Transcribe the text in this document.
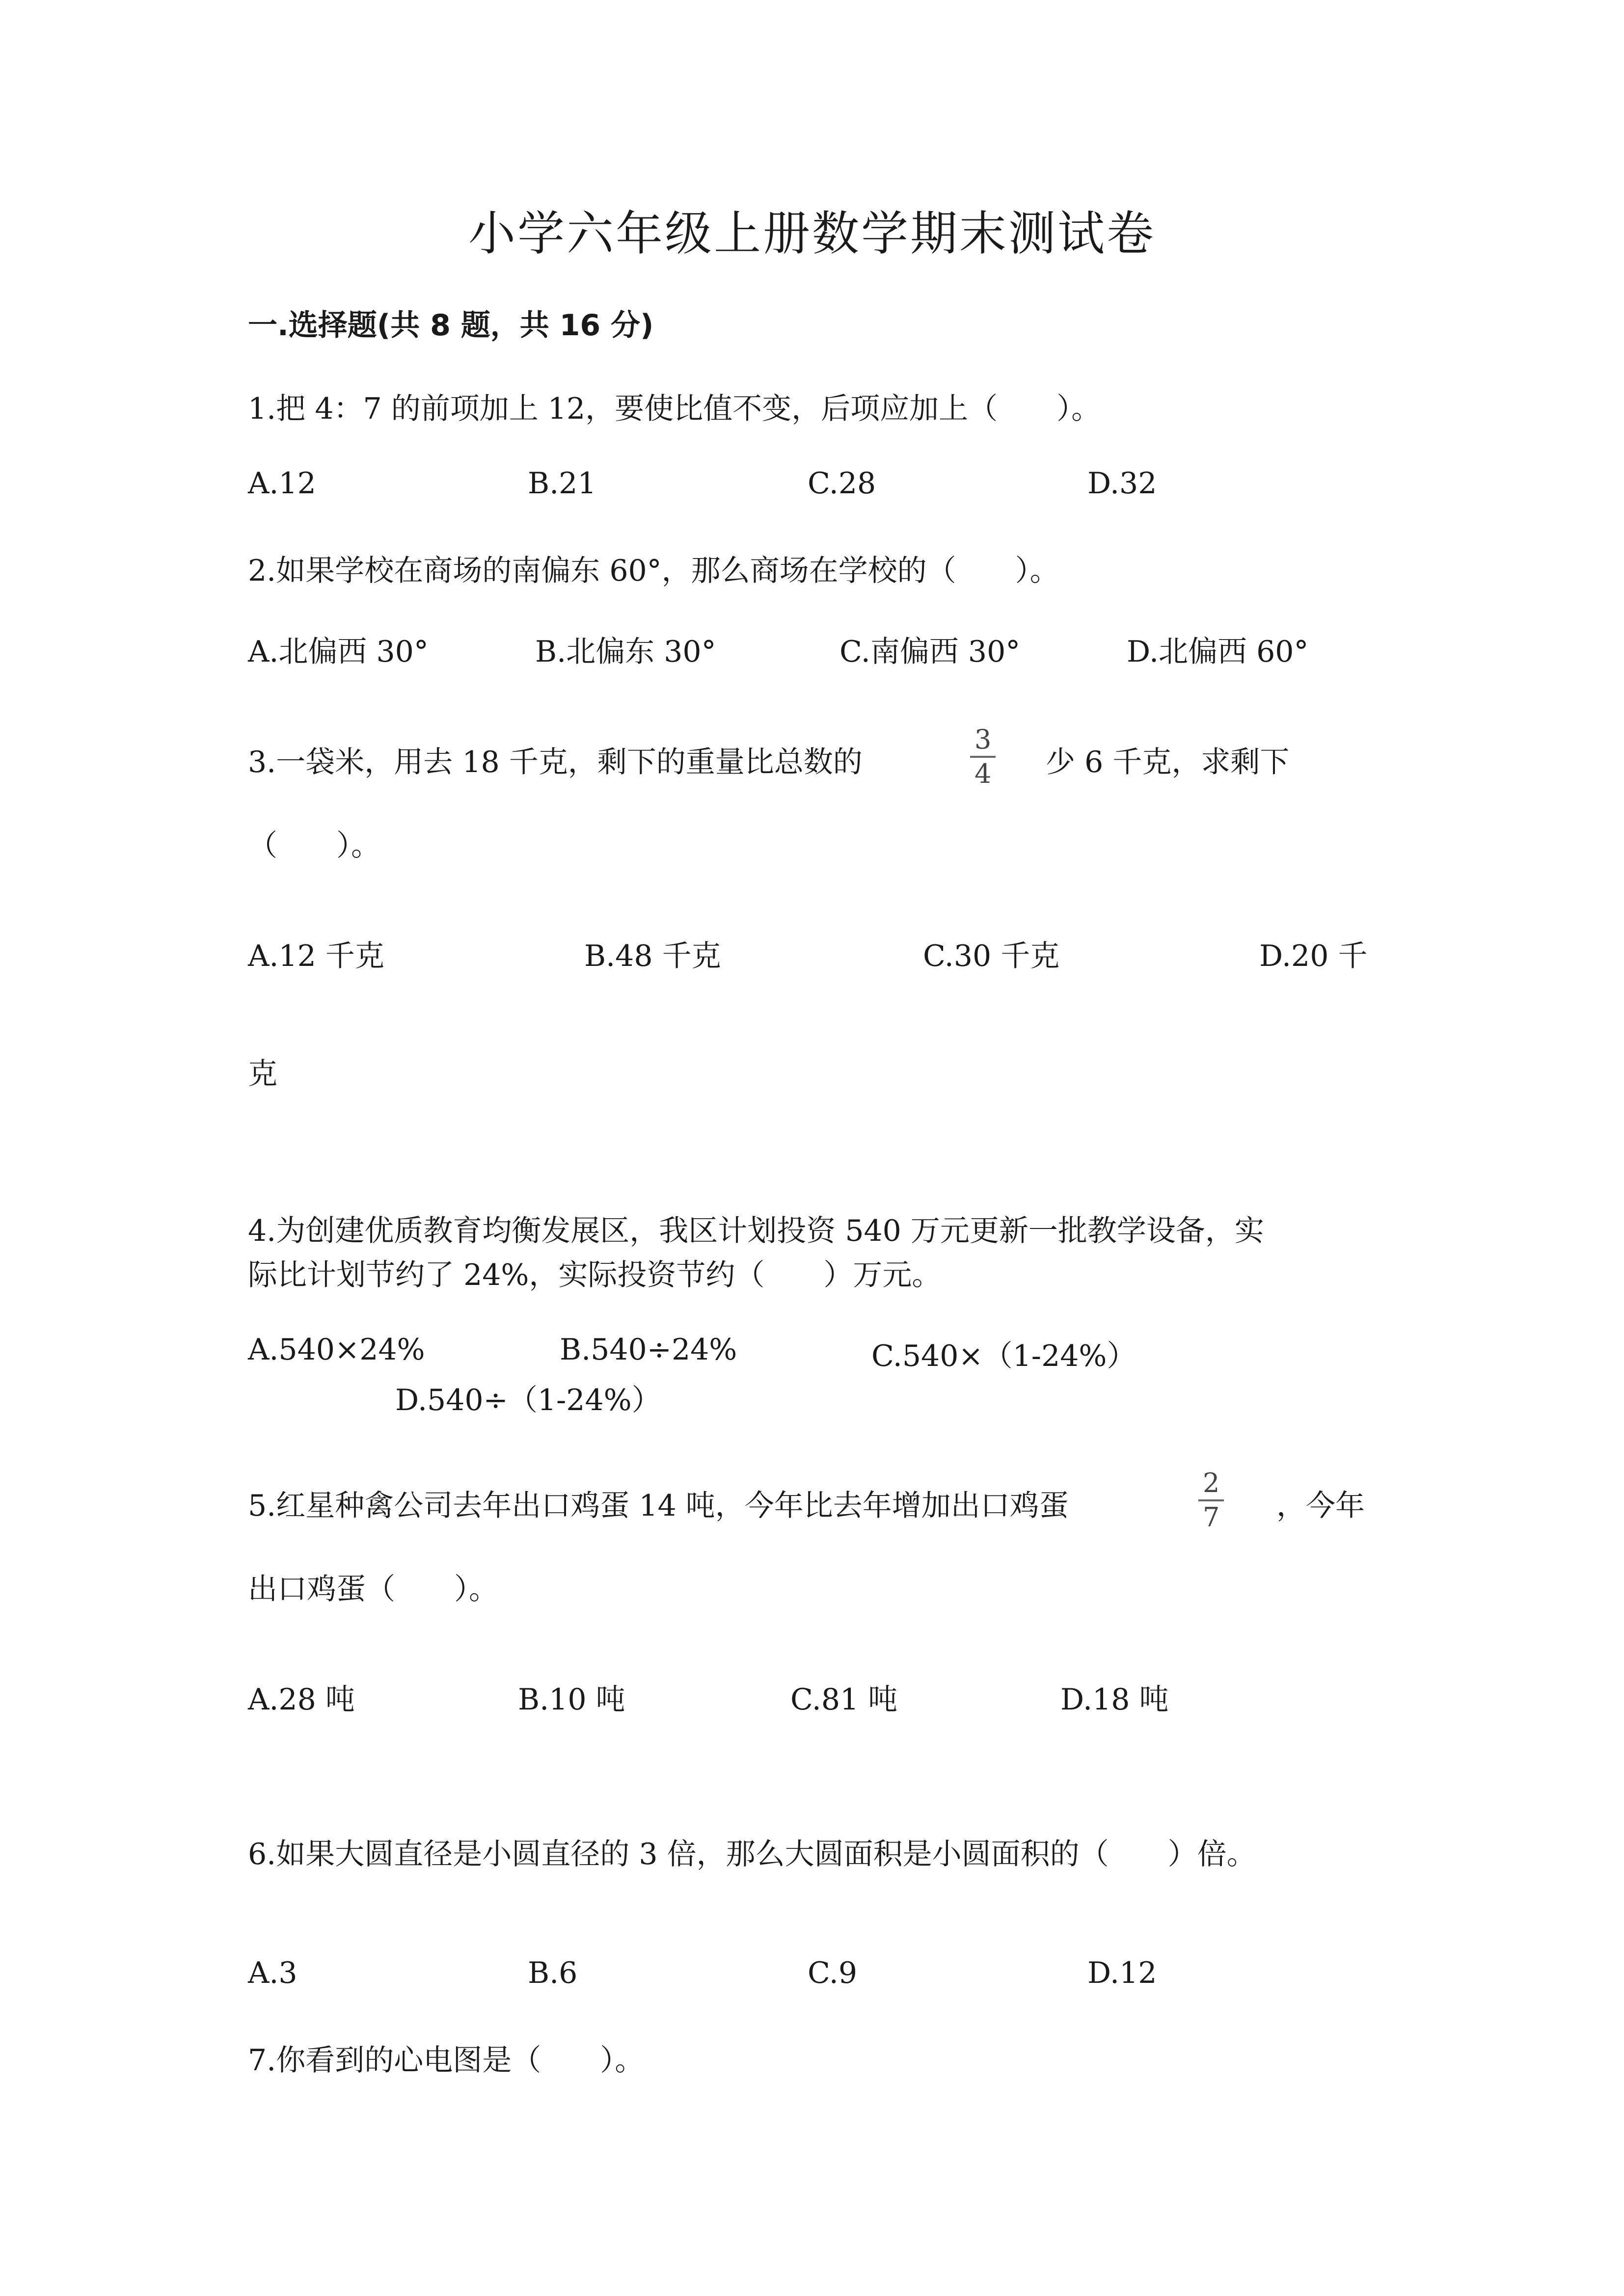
小学六年级上册数学期末测试卷
一.选择题(共 8 题，共 16 分)
1.把 4：7 的前项加上 12，要使比值不变，后项应加上（　　）。
A.12	B.21	C.28	D.32
2.如果学校在商场的南偏东 60°，那么商场在学校的（　　）。
A.北偏西 30°	B.北偏东 30°	C.南偏西 30°	D.北偏西 60°
3.一袋米，用去 18 千克，剩下的重量比总数的
3
4 少 6 千克，求剩下
（　　）。
A.12 千克	B.48 千克	C.30 千克	D.20 千
克
4.为创建优质教育均衡发展区，我区计划投资 540 万元更新一批教学设备，实
际比计划节约了 24%，实际投资节约（　　）万元。
A.540×24%	B.540÷24%	C.540×（1-24%）
D.540÷（1-24%）
5.红星种禽公司去年出口鸡蛋 14 吨，今年比去年增加出口鸡蛋
2
7 ，今年
出口鸡蛋（　　）。
A.28 吨	B.10 吨	C.81 吨	D.18 吨
6.如果大圆直径是小圆直径的 3 倍，那么大圆面积是小圆面积的（　　）倍。
A.3	B.6	C.9	D.12
7.你看到的心电图是（　　）。
